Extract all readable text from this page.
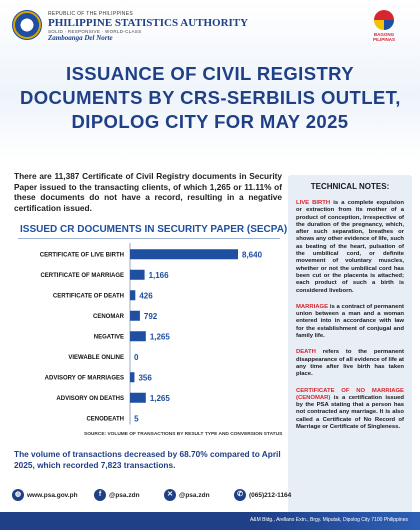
REPUBLIC OF THE PHILIPPINES
PHILIPPINE STATISTICS AUTHORITY
SOLID · RESPONSIVE · WORLD-CLASS
Zamboanga Del Norte	BAGONG PILIPINAS
ISSUANCE OF CIVIL REGISTRY
DOCUMENTS BY CRS-SERBILIS OUTLET,
DIPOLOG CITY FOR MAY 2025
There are 11,387 Certificate of Civil Registry documents in Security Paper issued to the transacting clients, of which 1,265 or 11.11% of these documents do not have a record, resulting in a negative certification issued.
ISSUED CR DOCUMENTS IN SECURITY PAPER (SECPA)
CERTIFICATE OF LIVE BIRTH	8,640
CERTIFICATE OF MARRIAGE	1,166
CERTIFICATE OF DEATH 426
CENOMAR 792
NEGATIVE	1,265
VIEWABLE ONLINE 0
ADVISORY OF MARRIAGES 356
ADVISORY ON DEATHS	1,265
CENODEATH 5
SOURCE: VOLUME OF TRANSACTIONS BY RESULT TYPE AND CONVERSION STATUS
The volume of transactions decreased by 68.70% compared to April 2025, which recorded 7,823 transactions.
TECHNICAL NOTES:
LIVE BIRTH is a complete expulsion or extraction from its mother of a product of conception, irrespective of the duration of the pregnancy, which, after such separation, breathes or shows any other evidence of life, such as beating of the heart, pulsation of the umbilical cord, or definite movement of voluntary muscles, whether or not the umbilical cord has been cut or the placenta is attached; each product of such a birth is considered liveborn.
MARRIAGE is a contract of permanent union between a man and a woman entered into in accordance with law for the establishment of conjugal and family life.
DEATH refers to the permanent disappearance of all evidence of life at any time after live birth has taken place.
CERTIFICATE OF NO MARRIAGE (CENOMAR) is a certification issued by the PSA stating that a person has not contracted any marriage. It is also called a Certificate of No Record of Marriage or Certificate of Singleness.
◍ www.psa.gov.ph	f	@psa.zdn	✕ @psa.zdn	✆ (065)212-1164
A&M Bldg., Arellano Extn., Brgy. Miputak, Dipolog City 7100 Philippines
